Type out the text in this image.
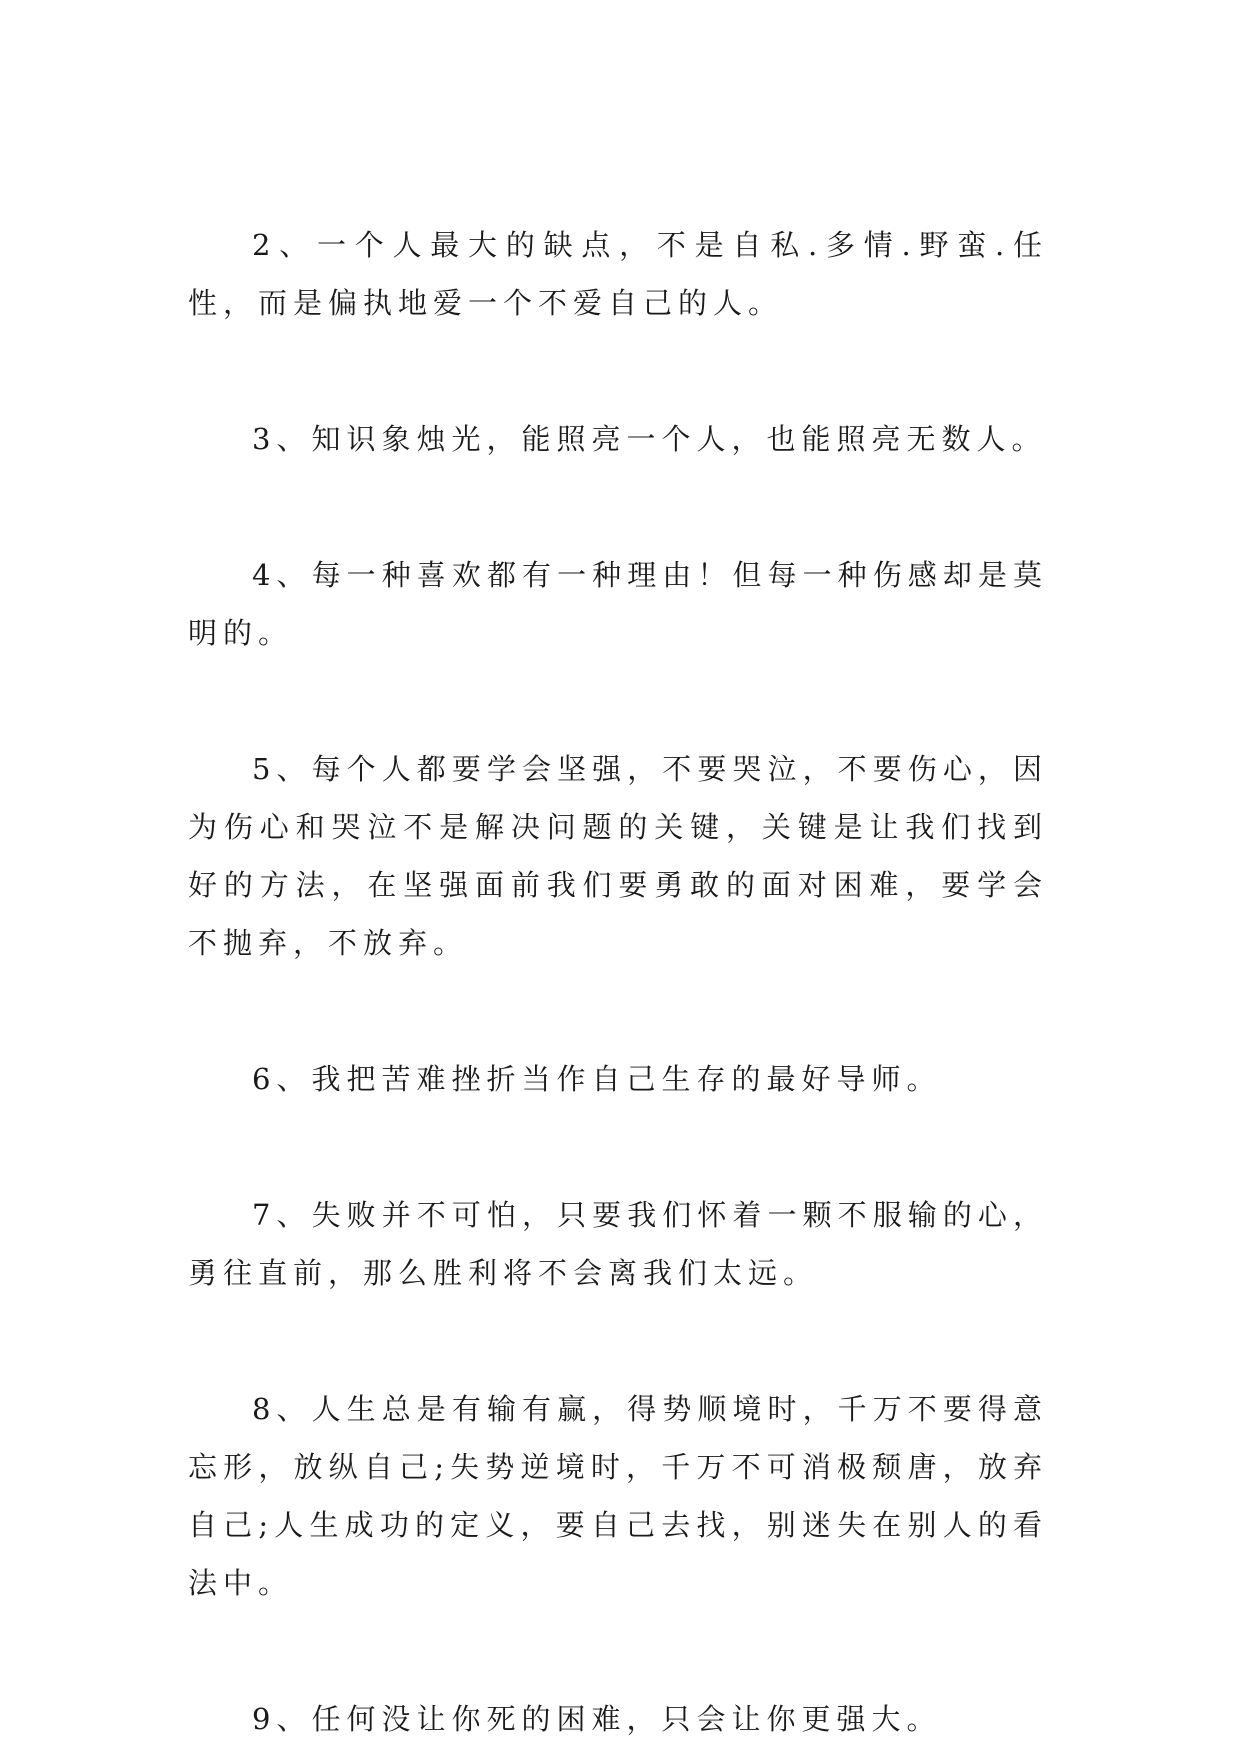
2、一个人最大的缺点，不是自私.多情.野蛮.任性，而是偏执地爱一个不爱自己的人。

3、知识象烛光，能照亮一个人，也能照亮无数人。

4、每一种喜欢都有一种理由！但每一种伤感却是莫明的。

5、每个人都要学会坚强，不要哭泣，不要伤心，因为伤心和哭泣不是解决问题的关键，关键是让我们找到好的方法，在坚强面前我们要勇敢的面对困难，要学会不抛弃，不放弃。

6、我把苦难挫折当作自己生存的最好导师。

7、失败并不可怕，只要我们怀着一颗不服输的心，勇往直前，那么胜利将不会离我们太远。

8、人生总是有输有赢，得势顺境时，千万不要得意忘形，放纵自己;失势逆境时，千万不可消极颓唐，放弃自己;人生成功的定义，要自己去找，别迷失在别人的看法中。

9、任何没让你死的困难，只会让你更强大。
